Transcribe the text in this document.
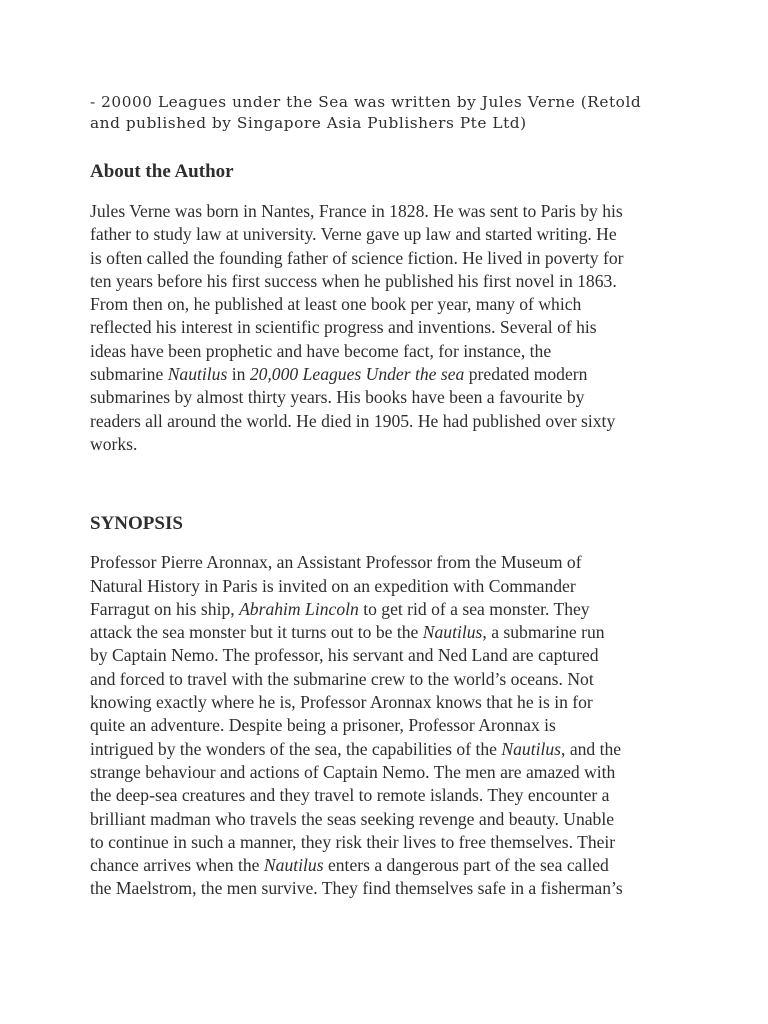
- 20000 Leagues under the Sea was written by Jules Verne (Retold
and published by Singapore Asia Publishers Pte Ltd)

About the Author

Jules Verne was born in Nantes, France in 1828. He was sent to Paris by his
father to study law at university. Verne gave up law and started writing. He
is often called the founding father of science fiction. He lived in poverty for
ten years before his first success when he published his first novel in 1863.
From then on, he published at least one book per year, many of which
reflected his interest in scientific progress and inventions. Several of his
ideas have been prophetic and have become fact, for instance, the
submarine Nautilus in 20,000 Leagues Under the sea predated modern
submarines by almost thirty years. His books have been a favourite by
readers all around the world. He died in 1905. He had published over sixty
works.

SYNOPSIS

Professor Pierre Aronnax, an Assistant Professor from the Museum of
Natural History in Paris is invited on an expedition with Commander
Farragut on his ship, Abrahim Lincoln to get rid of a sea monster. They
attack the sea monster but it turns out to be the Nautilus, a submarine run
by Captain Nemo. The professor, his servant and Ned Land are captured
and forced to travel with the submarine crew to the world’s oceans. Not
knowing exactly where he is, Professor Aronnax knows that he is in for
quite an adventure. Despite being a prisoner, Professor Aronnax is
intrigued by the wonders of the sea, the capabilities of the Nautilus, and the
strange behaviour and actions of Captain Nemo. The men are amazed with
the deep-sea creatures and they travel to remote islands. They encounter a
brilliant madman who travels the seas seeking revenge and beauty. Unable
to continue in such a manner, they risk their lives to free themselves. Their
chance arrives when the Nautilus enters a dangerous part of the sea called
the Maelstrom, the men survive. They find themselves safe in a fisherman’s
